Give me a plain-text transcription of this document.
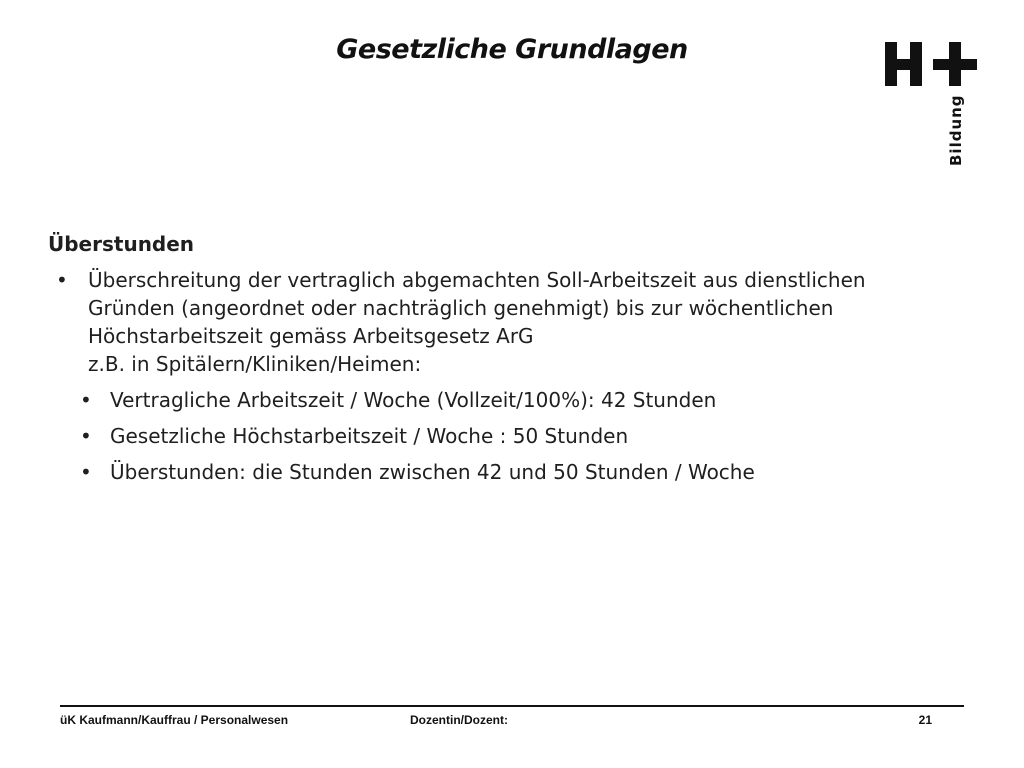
Gesetzliche Grundlagen
Bildung
Überstunden
• Überschreitung der vertraglich abgemachten Soll-Arbeitszeit aus dienstlichen
Gründen (angeordnet oder nachträglich genehmigt) bis zur wöchentlichen
Höchstarbeitszeit gemäss Arbeitsgesetz ArG
z.B. in Spitälern/Kliniken/Heimen:
• Vertragliche Arbeitszeit / Woche (Vollzeit/100%): 42 Stunden
• Gesetzliche Höchstarbeitszeit / Woche : 50 Stunden
• Überstunden: die Stunden zwischen 42 und 50 Stunden / Woche
üK Kaufmann/Kauffrau / Personalwesen	Dozentin/Dozent:	21
